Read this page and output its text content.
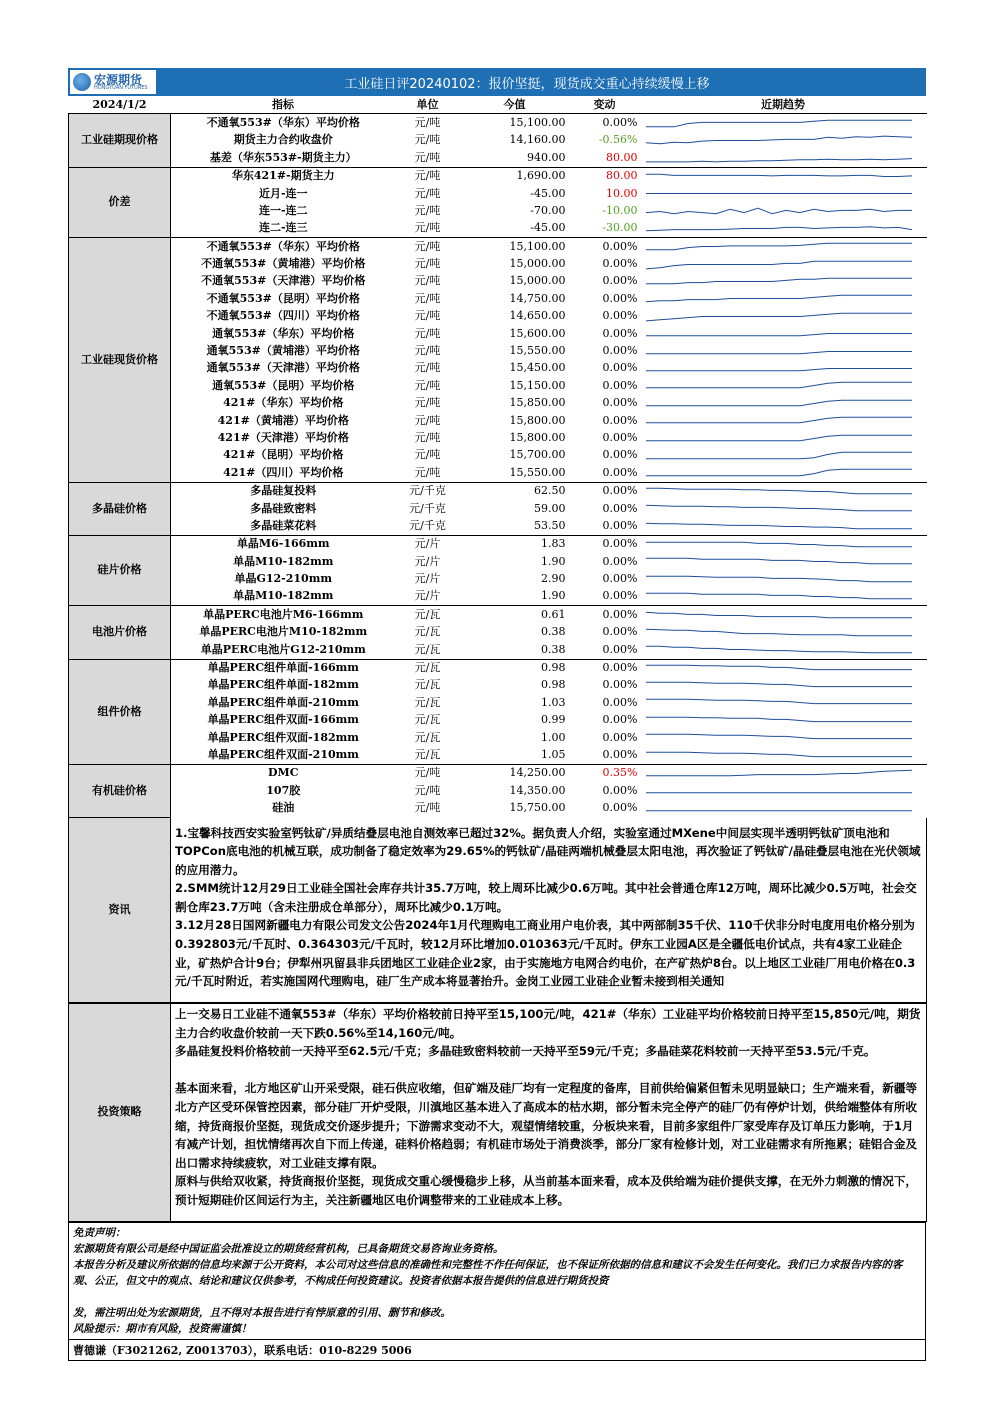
宏源期货
HONGYUAN FUTURES	工业硅日评20240102：报价坚挺，现货成交重心持续缓慢上移
2024/1/2	指标	单位	今值	变动	近期趋势
工业硅期现价格	不通氧553#（华东）平均价格	元/吨	15,100.00	0.00%	

	期货主力合约收盘价	元/吨	14,160.00	-0.56%	

	基差（华东553#-期货主力）	元/吨	940.00	80.00	

价差	华东421#-期货主力	元/吨	1,690.00	80.00	

	近月-连一	元/吨	-45.00	10.00	

	连一-连二	元/吨	-70.00	-10.00	

	连二-连三	元/吨	-45.00	-30.00	

工业硅现货价格	不通氧553#（华东）平均价格	元/吨	15,100.00	0.00%	

	不通氧553#（黄埔港）平均价格	元/吨	15,000.00	0.00%	

	不通氧553#（天津港）平均价格	元/吨	15,000.00	0.00%	

	不通氧553#（昆明）平均价格	元/吨	14,750.00	0.00%	

	不通氧553#（四川）平均价格	元/吨	14,650.00	0.00%	

	通氧553#（华东）平均价格	元/吨	15,600.00	0.00%	

	通氧553#（黄埔港）平均价格	元/吨	15,550.00	0.00%	

	通氧553#（天津港）平均价格	元/吨	15,450.00	0.00%	

	通氧553#（昆明）平均价格	元/吨	15,150.00	0.00%	

	421#（华东）平均价格	元/吨	15,850.00	0.00%	

	421#（黄埔港）平均价格	元/吨	15,800.00	0.00%	

	421#（天津港）平均价格	元/吨	15,800.00	0.00%	

	421#（昆明）平均价格	元/吨	15,700.00	0.00%	

	421#（四川）平均价格	元/吨	15,550.00	0.00%	

多晶硅价格	多晶硅复投料	元/千克	62.50	0.00%	

	多晶硅致密料	元/千克	59.00	0.00%	

	多晶硅菜花料	元/千克	53.50	0.00%	

硅片价格	单晶M6-166mm	元/片	1.83	0.00%	

	单晶M10-182mm	元/片	1.90	0.00%	

	单晶G12-210mm	元/片	2.90	0.00%	

	单晶M10-182mm	元/片	1.90	0.00%	

电池片价格	单晶PERC电池片M6-166mm	元/瓦	0.61	0.00%	

	单晶PERC电池片M10-182mm	元/瓦	0.38	0.00%	

	单晶PERC电池片G12-210mm	元/瓦	0.38	0.00%	

组件价格	单晶PERC组件单面-166mm	元/瓦	0.98	0.00%	

	单晶PERC组件单面-182mm	元/瓦	0.98	0.00%	

	单晶PERC组件单面-210mm	元/瓦	1.03	0.00%	

	单晶PERC组件双面-166mm	元/瓦	0.99	0.00%	

	单晶PERC组件双面-182mm	元/瓦	1.00	0.00%	

	单晶PERC组件双面-210mm	元/瓦	1.05	0.00%	

有机硅价格	DMC	元/吨	14,250.00	0.35%	

	107胶	元/吨	14,350.00	0.00%	

	硅油	元/吨	15,750.00	0.00%	
资讯	

1.宝馨科技西安实验室钙钛矿/异质结叠层电池自测效率已超过32%。据负责人介绍，实验室通过MXene中间层实现半透明钙钛矿顶电池和TOPCon底电池的机械互联，成功制备了稳定效率为29.65%的钙钛矿/晶硅两端机械叠层太阳电池，再次验证了钙钛矿/晶硅叠层电池在光伏领域的应用潜力。

2.SMM统计12月29日工业硅全国社会库存共计35.7万吨，较上周环比减少0.6万吨。其中社会普通仓库12万吨，周环比减少0.5万吨，社会交割仓库23.7万吨（含未注册成仓单部分），周环比减少0.1万吨。

3.12月28日国网新疆电力有限公司发文公告2024年1月代理购电工商业用户电价表，其中两部制35千伏、110千伏非分时电度用电价格分别为0.392803元/千瓦时、0.364303元/千瓦时，较12月环比增加0.010363元/千瓦时。伊东工业园A区是全疆低电价试点，共有4家工业硅企业，矿热炉合计9台；伊犁州巩留县非兵团地区工业硅企业2家，由于实施地方电网合约电价，在产矿热炉8台。以上地区工业硅厂用电价格在0.3元/千瓦时附近，若实施国网代理购电，硅厂生产成本将显著抬升。金岗工业园工业硅企业暂未接到相关通知

投资策略	

上一交易日工业硅不通氧553#（华东）平均价格较前日持平至15,100元/吨，421#（华东）工业硅平均价格较前日持平至15,850元/吨，期货主力合约收盘价较前一天下跌0.56%至14,160元/吨。

多晶硅复投料价格较前一天持平至62.5元/千克；多晶硅致密料较前一天持平至59元/千克；多晶硅菜花料较前一天持平至53.5元/千克。

基本面来看，北方地区矿山开采受限，硅石供应收缩，但矿端及硅厂均有一定程度的备库，目前供给偏紧但暂未见明显缺口；生产端来看，新疆等北方产区受环保管控因素，部分硅厂开炉受限，川滇地区基本进入了高成本的枯水期，部分暂未完全停产的硅厂仍有停炉计划，供给端整体有所收缩，持货商报价坚挺，现货成交价逐步提升；下游需求变动不大，观望情绪较重，分板块来看，目前多家组件厂家受库存及订单压力影响，于1月有减产计划，担忧情绪再次自下而上传递，硅料价格趋弱；有机硅市场处于消费淡季，部分厂家有检修计划，对工业硅需求有所拖累；硅铝合金及出口需求持续疲软，对工业硅支撑有限。

原料与供给双收紧，持货商报价坚挺，现货成交重心缓慢稳步上移，从当前基本面来看，成本及供给端为硅价提供支撑，在无外力刺激的情况下，预计短期硅价区间运行为主，关注新疆地区电价调整带来的工业硅成本上移。

免责声明：

宏源期货有限公司是经中国证监会批准设立的期货经营机构，已具备期货交易咨询业务资格。

本报告分析及建议所依据的信息均来源于公开资料，本公司对这些信息的准确性和完整性不作任何保证，也不保证所依据的信息和建议不会发生任何变化。我们已力求报告内容的客观、公正，但文中的观点、结论和建议仅供参考，不构成任何投资建议。投资者依据本报告提供的信息进行期货投资

发，需注明出处为宏源期货，且不得对本报告进行有悖原意的引用、删节和修改。

风险提示：期市有风险，投资需谨慎！

曹德谦（F3021262, Z0013703），联系电话：010-8229 5006
